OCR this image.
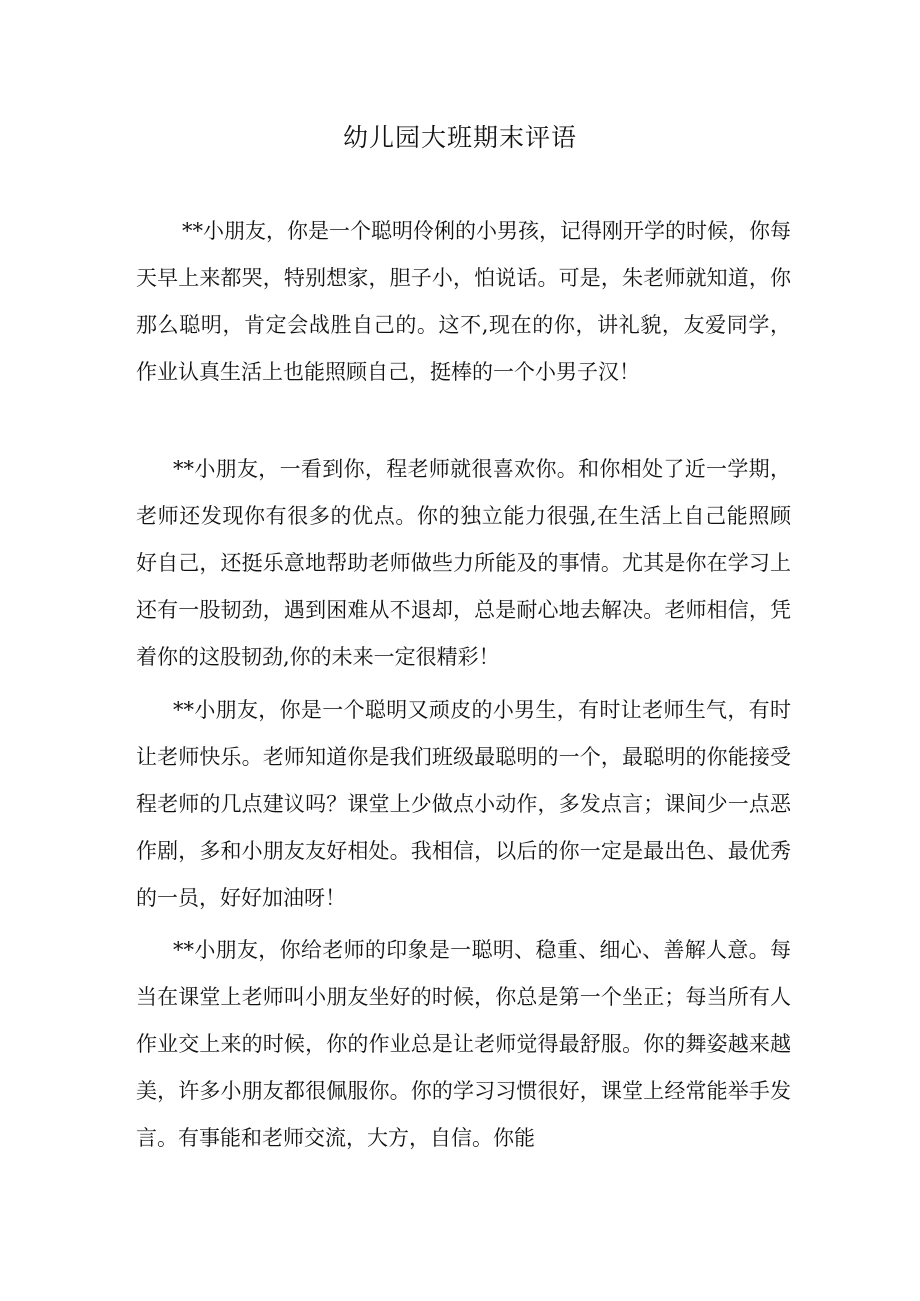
幼儿园大班期末评语

**小朋友，你是一个聪明伶俐的小男孩，记得刚开学的时候，你每天早上来都哭，特别想家，胆子小，怕说话。可是，朱老师就知道，你那么聪明，肯定会战胜自己的。这不,现在的你，讲礼貌，友爱同学，作业认真生活上也能照顾自己，挺棒的一个小男子汉！

**小朋友，一看到你，程老师就很喜欢你。和你相处了近一学期，老师还发现你有很多的优点。你的独立能力很强,在生活上自己能照顾好自己，还挺乐意地帮助老师做些力所能及的事情。尤其是你在学习上还有一股韧劲，遇到困难从不退却，总是耐心地去解决。老师相信，凭着你的这股韧劲,你的未来一定很精彩！

**小朋友，你是一个聪明又顽皮的小男生，有时让老师生气，有时让老师快乐。老师知道你是我们班级最聪明的一个，最聪明的你能接受程老师的几点建议吗？课堂上少做点小动作，多发点言；课间少一点恶作剧，多和小朋友友好相处。我相信，以后的你一定是最出色、最优秀的一员，好好加油呀！

**小朋友，你给老师的印象是一聪明、稳重、细心、善解人意。每当在课堂上老师叫小朋友坐好的时候，你总是第一个坐正；每当所有人作业交上来的时候，你的作业总是让老师觉得最舒服。你的舞姿越来越美，许多小朋友都很佩服你。你的学习习惯很好，课堂上经常能举手发言。有事能和老师交流，大方，自信。你能
